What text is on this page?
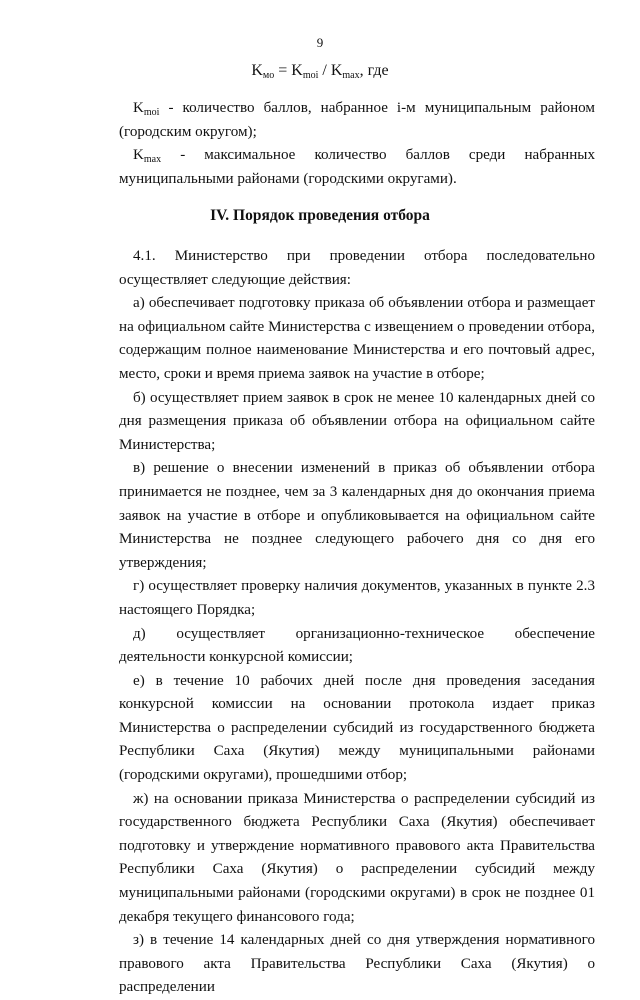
9
$K_{мо} = K_{moi} / K_{max}$, где
$K_{moi}$ - количество баллов, набранное i-м муниципальным районом
(городским округом);
$K_{max}$ - максимальное количество баллов среди набранных
муниципальными районами (городскими округами).
IV. Порядок проведения отбора

4.1. Министерство при проведении отбора последовательно осуществляет следующие действия:

а) обеспечивает подготовку приказа об объявлении отбора и размещает на официальном сайте Министерства с извещением о проведении отбора, содержащим полное наименование Министерства и его почтовый адрес, место, сроки и время приема заявок на участие в отборе;

б) осуществляет прием заявок в срок не менее 10 календарных дней со дня размещения приказа об объявлении отбора на официальном сайте Министерства;

в) решение о внесении изменений в приказ об объявлении отбора принимается не позднее, чем за 3 календарных дня до окончания приема заявок на участие в отборе и опубликовывается на официальном сайте Министерства не позднее следующего рабочего дня со дня его утверждения;

г) осуществляет проверку наличия документов, указанных в пункте 2.3 настоящего Порядка;

д) осуществляет организационно-техническое обеспечение деятельности конкурсной комиссии;

е) в течение 10 рабочих дней после дня проведения заседания конкурсной комиссии на основании протокола издает приказ Министерства о распределении субсидий из государственного бюджета Республики Саха (Якутия) между муниципальными районами (городскими округами), прошедшими отбор;

ж) на основании приказа Министерства о распределении субсидий из государственного бюджета Республики Саха (Якутия) обеспечивает подготовку и утверждение нормативного правового акта Правительства Республики Саха (Якутия) о распределении субсидий между муниципальными районами (городскими округами) в срок не позднее 01 декабря текущего финансового года;

з) в течение 14 календарных дней со дня утверждения нормативного правового акта Правительства Республики Саха (Якутия) о распределении
